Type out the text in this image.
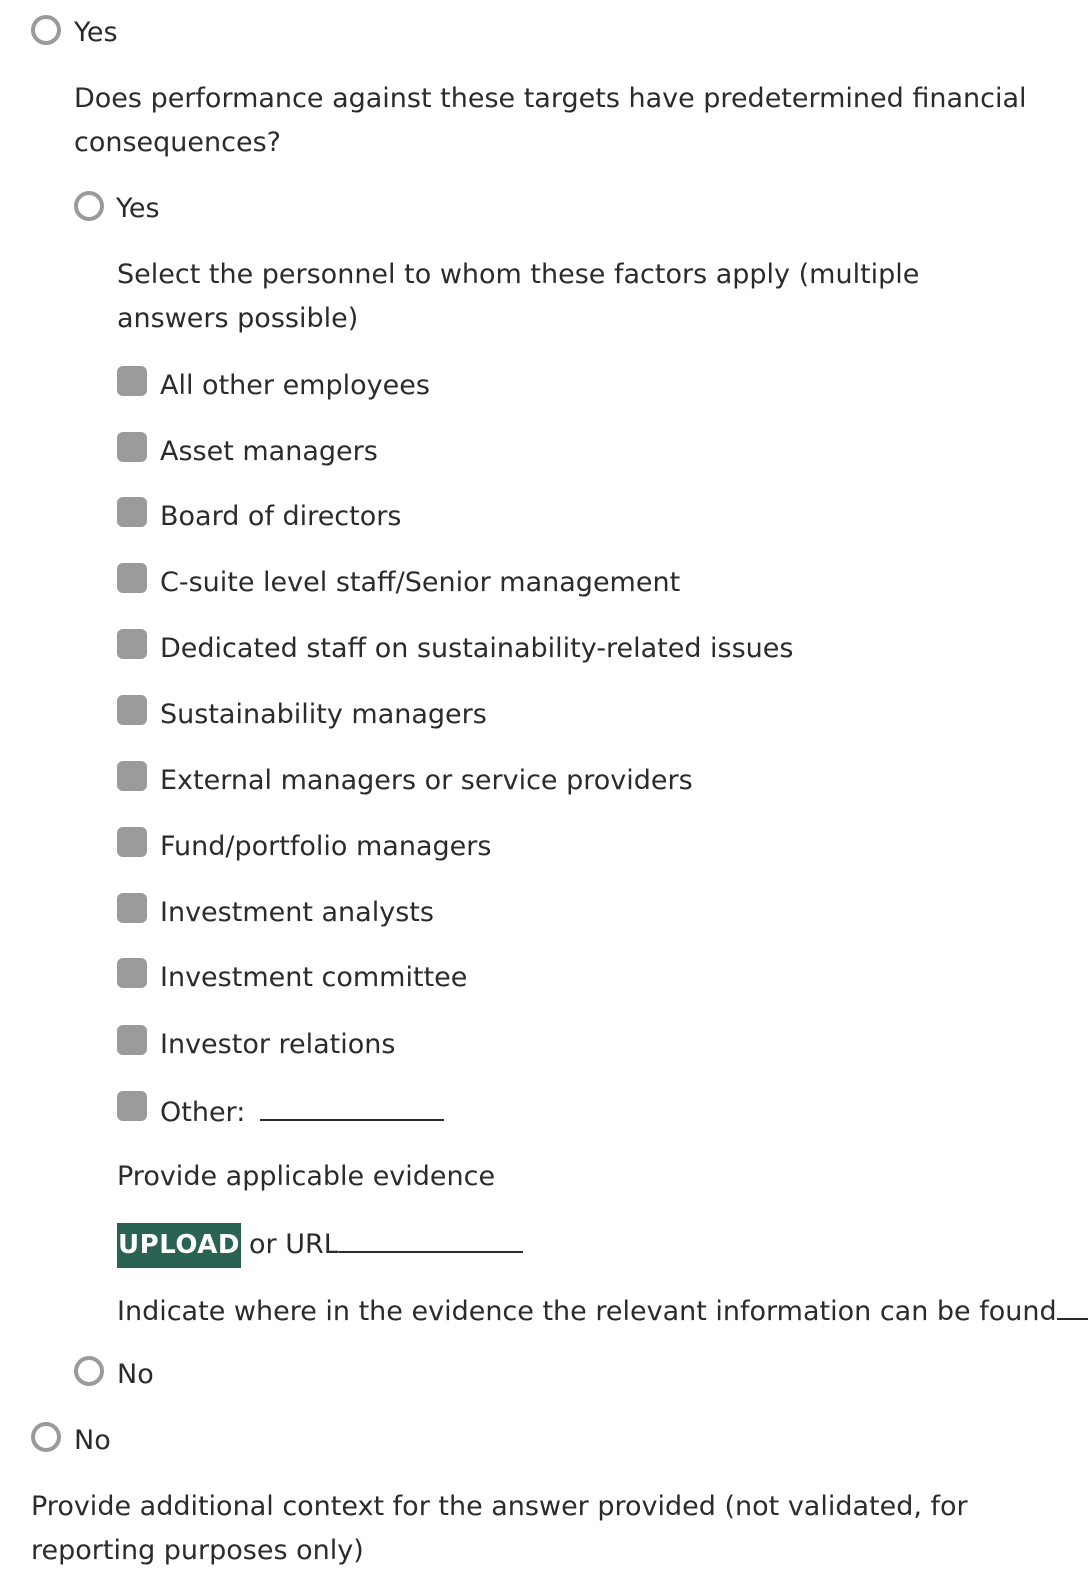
Yes
Does performance against these targets have predetermined financial consequences?
Yes
Select the personnel to whom these factors apply (multiple answers possible)
All other employees
Asset managers
Board of directors
C-suite level staff/Senior management
Dedicated staff on sustainability-related issues
Sustainability managers
External managers or service providers
Fund/portfolio managers
Investment analysts
Investment committee
Investor relations
Other:
Provide applicable evidence
UPLOAD or URL
Indicate where in the evidence the relevant information can be found
No
No
Provide additional context for the answer provided (not validated, for reporting purposes only)
